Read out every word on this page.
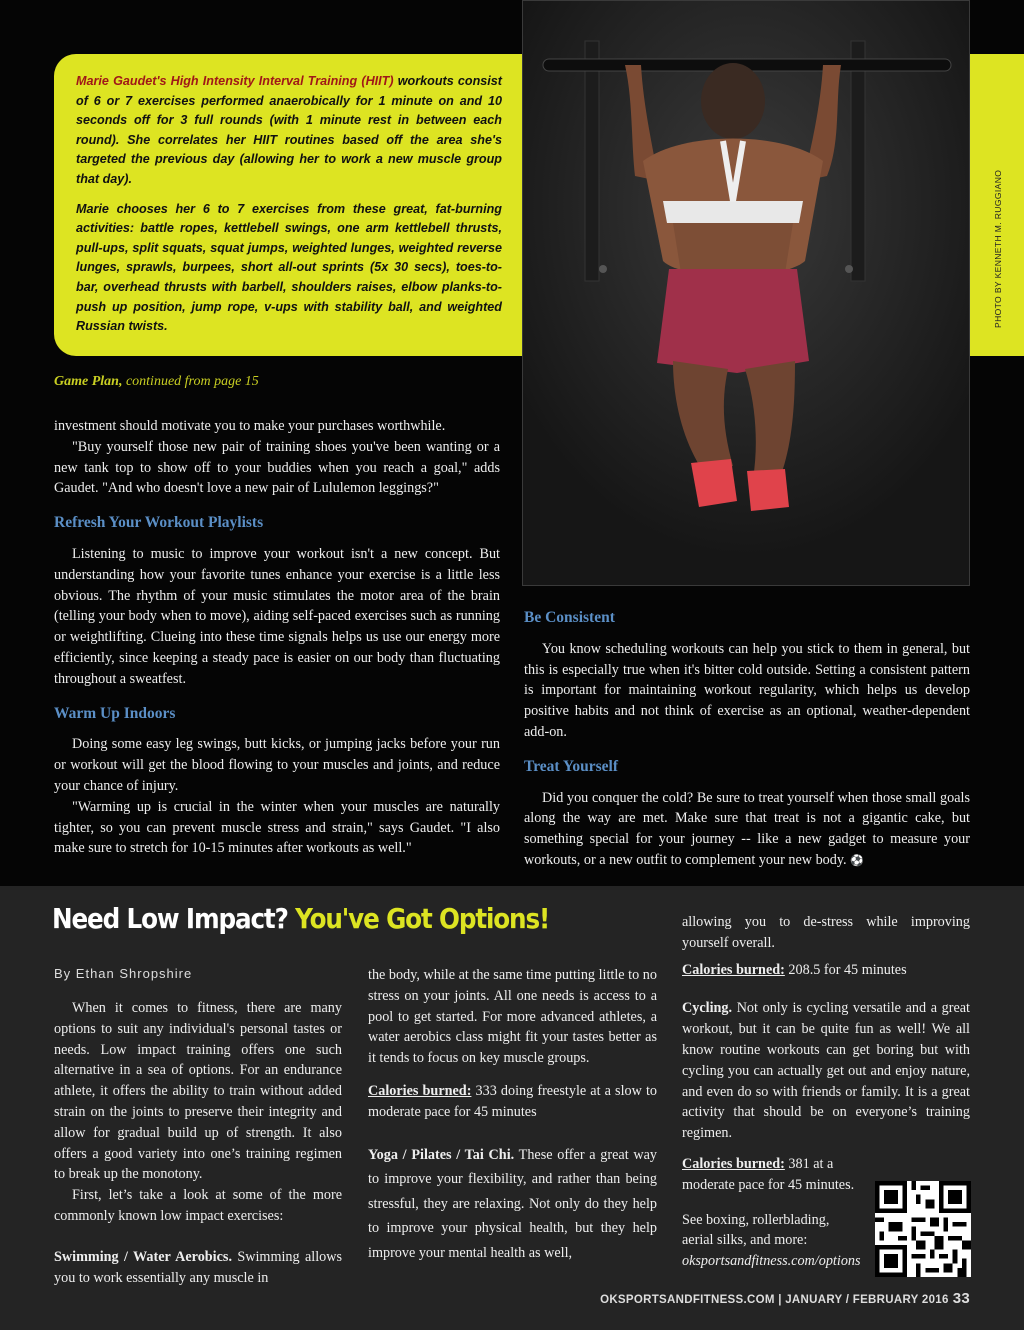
Marie Gaudet's High Intensity Interval Training (HIIT) workouts consist of 6 or 7 exercises performed anaerobically for 1 minute on and 10 seconds off for 3 full rounds (with 1 minute rest in between each round). She correlates her HIIT routines based off the area she's targeted the previous day (allowing her to work a new muscle group that day).

Marie chooses her 6 to 7 exercises from these great, fat-burning activities: battle ropes, kettlebell swings, one arm kettlebell thrusts, pull-ups, split squats, squat jumps, weighted lunges, weighted reverse lunges, sprawls, burpees, short all-out sprints (5x 30 secs), toes-to-bar, overhead thrusts with barbell, shoulders raises, elbow planks-to-push up position, jump rope, v-ups with stability ball, and weighted Russian twists.	PHOTO BY KENNETH M. RUGGIANO
Game Plan, continued from page 15

investment should motivate you to make your purchases worthwhile.

"Buy yourself those new pair of training shoes you've been wanting or a new tank top to show off to your buddies when you reach a goal," adds Gaudet. "And who doesn't love a new pair of Lululemon leggings?"

Refresh Your Workout Playlists

Listening to music to improve your workout isn't a new concept. But understanding how your favorite tunes enhance your exercise is a little less obvious. The rhythm of your music stimulates the motor area of the brain (telling your body when to move), aiding self-paced exercises such as running or weightlifting. Clueing into these time signals helps us use our energy more efficiently, since keeping a steady pace is easier on our body than fluctuating throughout a sweatfest.

Warm Up Indoors

Doing some easy leg swings, butt kicks, or jumping jacks before your run or workout will get the blood flowing to your muscles and joints, and reduce your chance of injury.

"Warming up is crucial in the winter when your muscles are naturally tighter, so you can prevent muscle stress and strain," says Gaudet. "I also make sure to stretch for 10-15 minutes after workouts as well."

Be Consistent

You know scheduling workouts can help you stick to them in general, but this is especially true when it's bitter cold outside. Setting a consistent pattern is important for maintaining workout regularity, which helps us develop positive habits and not think of exercise as an optional, weather-dependent add-on.

Treat Yourself

Did you conquer the cold? Be sure to treat yourself when those small goals along the way are met. Make sure that treat is not a gigantic cake, but something special for your journey -- like a new gadget to measure your workouts, or a new outfit to complement your new body. ⚽

Need Low Impact? You've Got Options!
By Ethan Shropshire

When it comes to fitness, there are many options to suit any individual's personal tastes or needs. Low impact training offers one such alternative in a sea of options. For an endurance athlete, it offers the ability to train without added strain on the joints to preserve their integrity and allow for gradual build up of strength. It also offers a good variety into one’s training regimen to break up the monotony.

First, let’s take a look at some of the more commonly known low impact exercises:

Swimming / Water Aerobics. Swimming allows you to work essentially any muscle in

the body, while at the same time putting little to no stress on your joints. All one needs is access to a pool to get started. For more advanced athletes, a water aerobics class might fit your tastes better as it tends to focus on key muscle groups.

Calories burned: 333 doing freestyle at a slow to moderate pace for 45 minutes

Yoga / Pilates / Tai Chi. These offer a great way to improve your flexibility, and rather than being stressful, they are relaxing. Not only do they help to improve your physical health, but they help improve your mental health as well,

allowing you to de-stress while improving yourself overall.

Calories burned: 208.5 for 45 minutes

Cycling. Not only is cycling versatile and a great workout, but it can be quite fun as well! We all know routine workouts can get boring but with cycling you can actually get out and enjoy nature, and even do so with friends or family. It is a great activity that should be on everyone’s training regimen.

Calories burned: 381 at a moderate pace for 45 minutes.

See boxing, rollerblading, aerial silks, and more:

oksportsandfitness.com/options

OKSPORTSANDFITNESS.COM | JANUARY / FEBRUARY 2016 33
